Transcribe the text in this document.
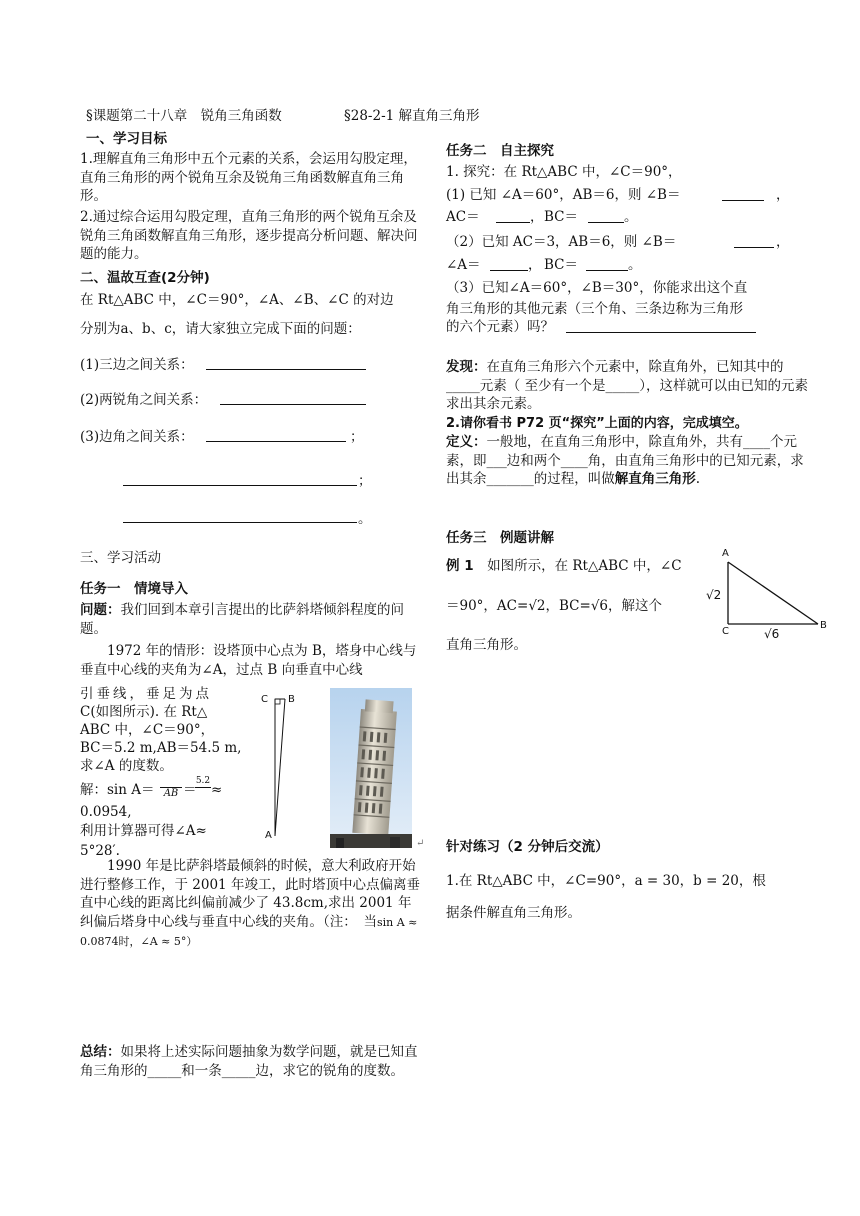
§课题第二十八章　锐角三角函数	§28-2-1 解直角三角形
一、学习目标
1.理解直角三角形中五个元素的关系，会运用勾股定理，直角三角形的两个锐角互余及锐角三角函数解直角三角形。
2.通过综合运用勾股定理，直角三角形的两个锐角互余及锐角三角函数解直角三角形，逐步提高分析问题、解决问题的能力。
二、温故互查(2分钟)
在 Rt△ABC 中，∠C＝90°，∠A、∠B、∠C 的对边
分别为a、b、c，请大家独立完成下面的问题：
(1)三边之间关系：
(2)两锐角之间关系：
(3)边角之间关系：	；
；
。
三、学习活动
任务一　情境导入
问题：我们回到本章引言提出的比萨斜塔倾斜程度的问题。
1972 年的情形：设塔顶中心点为 B，塔身中心线与垂直中心线的夹角为∠A，过点 B 向垂直中心线
引垂线，垂足为点
C(如图所示). 在 Rt△
ABC 中，∠C＝90°，
BC＝5.2 m,AB＝54.5 m,
求∠A 的度数。
解：sin A＝ AB ＝
5.2
≈
0.0954,
利用计算器可得∠A≈
5°28′.
C B
A
↵
1990 年是比萨斜塔最倾斜的时候，意大利政府开始进行整修工作，于 2001 年竣工，此时塔顶中心点偏离垂直中心线的距离比纠偏前减少了 43.8cm,求出 2001 年纠偏后塔身中心线与垂直中心线的夹角。（注：　当sin A ≈ 0.0874时，∠A ≈ 5°）
总结：如果将上述实际问题抽象为数学问题，就是已知直角三角形的_____和一条_____边，求它的锐角的度数。
任务二　自主探究
1. 探究：在 Rt△ABC 中，∠C＝90°，
(1) 已知 ∠A＝60°，AB＝6，则 ∠B＝	，
AC＝	， BC＝	。
（2）已知 AC＝3，AB＝6，则 ∠B＝	，
∠A＝	， BC＝	。
（3）已知∠A＝60°，∠B＝30°，你能求出这个直
角三角形的其他元素（三个角、三条边称为三角形
的六个元素）吗？
发现：在直角三角形六个元素中，除直角外，已知其中的_____元素（ 至少有一个是_____），这样就可以由已知的元素求出其余元素。
2.请你看书 P72 页“探究”上面的内容，完成填空。
定义：一般地，在直角三角形中，除直角外，共有____个元素，即___边和两个____角，由直角三角形中的已知元素，求出其余_______的过程，叫做解直角三角形.
任务三　例题讲解
例 1　 如图所示，在 Rt△ABC 中，∠C
＝90°，AC=√2，BC=√6，解这个
直角三角形。
A
C
B
√2
√6
针对练习（2 分钟后交流）
1.在 Rt△ABC 中，∠C=90°，a = 30，b = 20，根
据条件解直角三角形。
